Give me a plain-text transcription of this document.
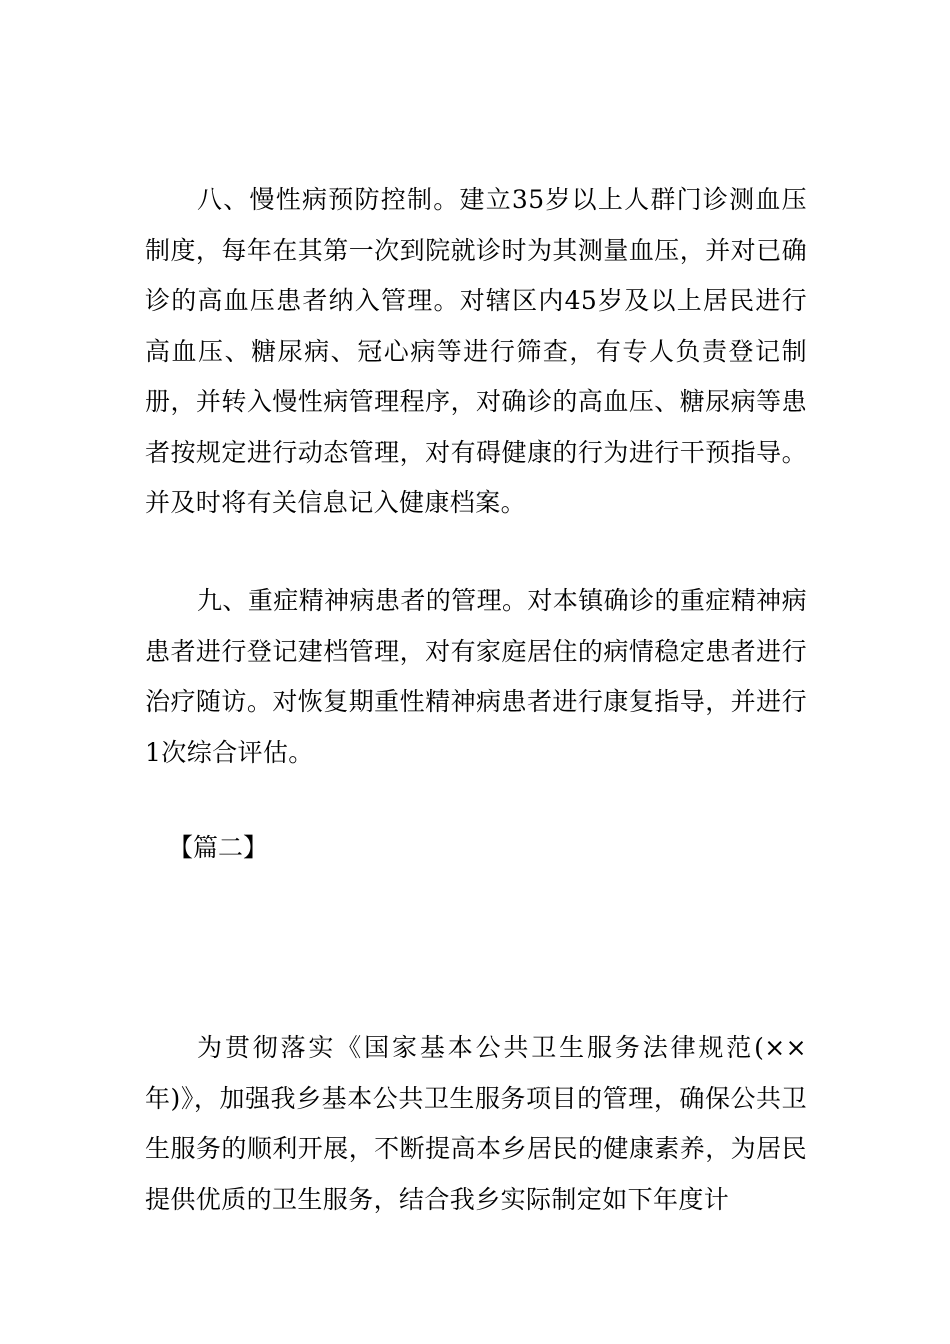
八、慢性病预防控制。建立35岁以上人群门诊测血压制度，每年在其第一次到院就诊时为其测量血压，并对已确诊的高血压患者纳入管理。对辖区内45岁及以上居民进行高血压、糖尿病、冠心病等进行筛查，有专人负责登记制册，并转入慢性病管理程序，对确诊的高血压、糖尿病等患者按规定进行动态管理，对有碍健康的行为进行干预指导。并及时将有关信息记入健康档案。

九、重症精神病患者的管理。对本镇确诊的重症精神病患者进行登记建档管理，对有家庭居住的病情稳定患者进行治疗随访。对恢复期重性精神病患者进行康复指导，并进行1次综合评估。

【篇二】

为贯彻落实《国家基本公共卫生服务法律规范(××年)》，加强我乡基本公共卫生服务项目的管理，确保公共卫生服务的顺利开展，不断提高本乡居民的健康素养，为居民提供优质的卫生服务，结合我乡实际制定如下年度计
